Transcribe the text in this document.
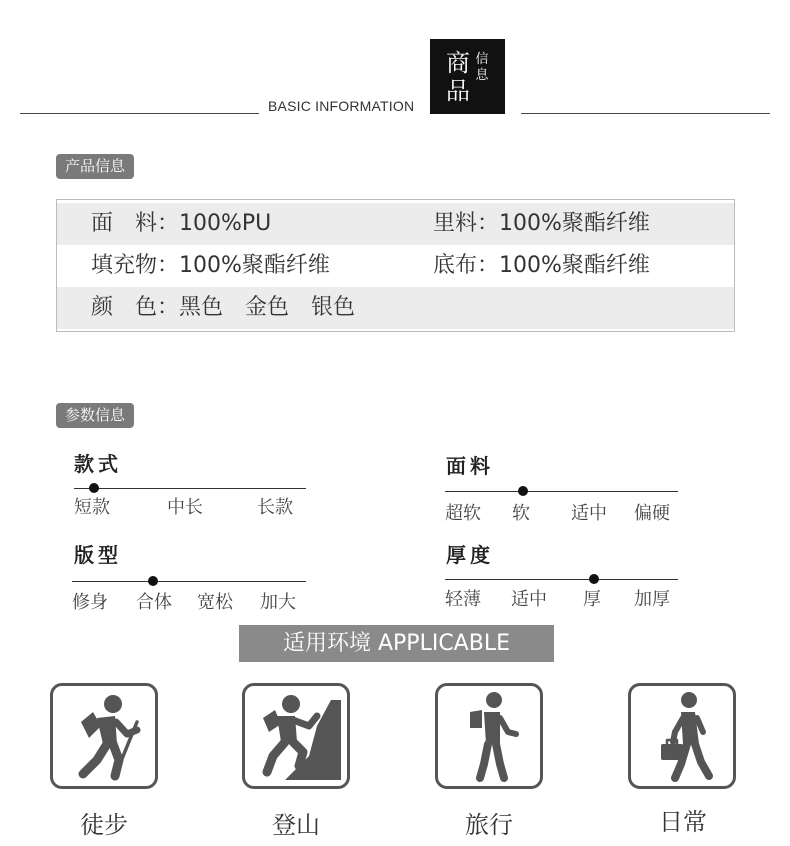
BASIC INFORMATION
商
品
信
息
产品信息
面　料：100%PU	里料：100%聚酯纤维
填充物：100%聚酯纤维	底布：100%聚酯纤维
颜　色：黑色　金色　银色
参数信息
款式
短款	中长	长款
面料
超软 软 适中 偏硬
版型
修身 合体 宽松 加大
厚度
轻薄 适中 厚 加厚
适用环境 APPLICABLE
徒步	登山	旅行	日常
